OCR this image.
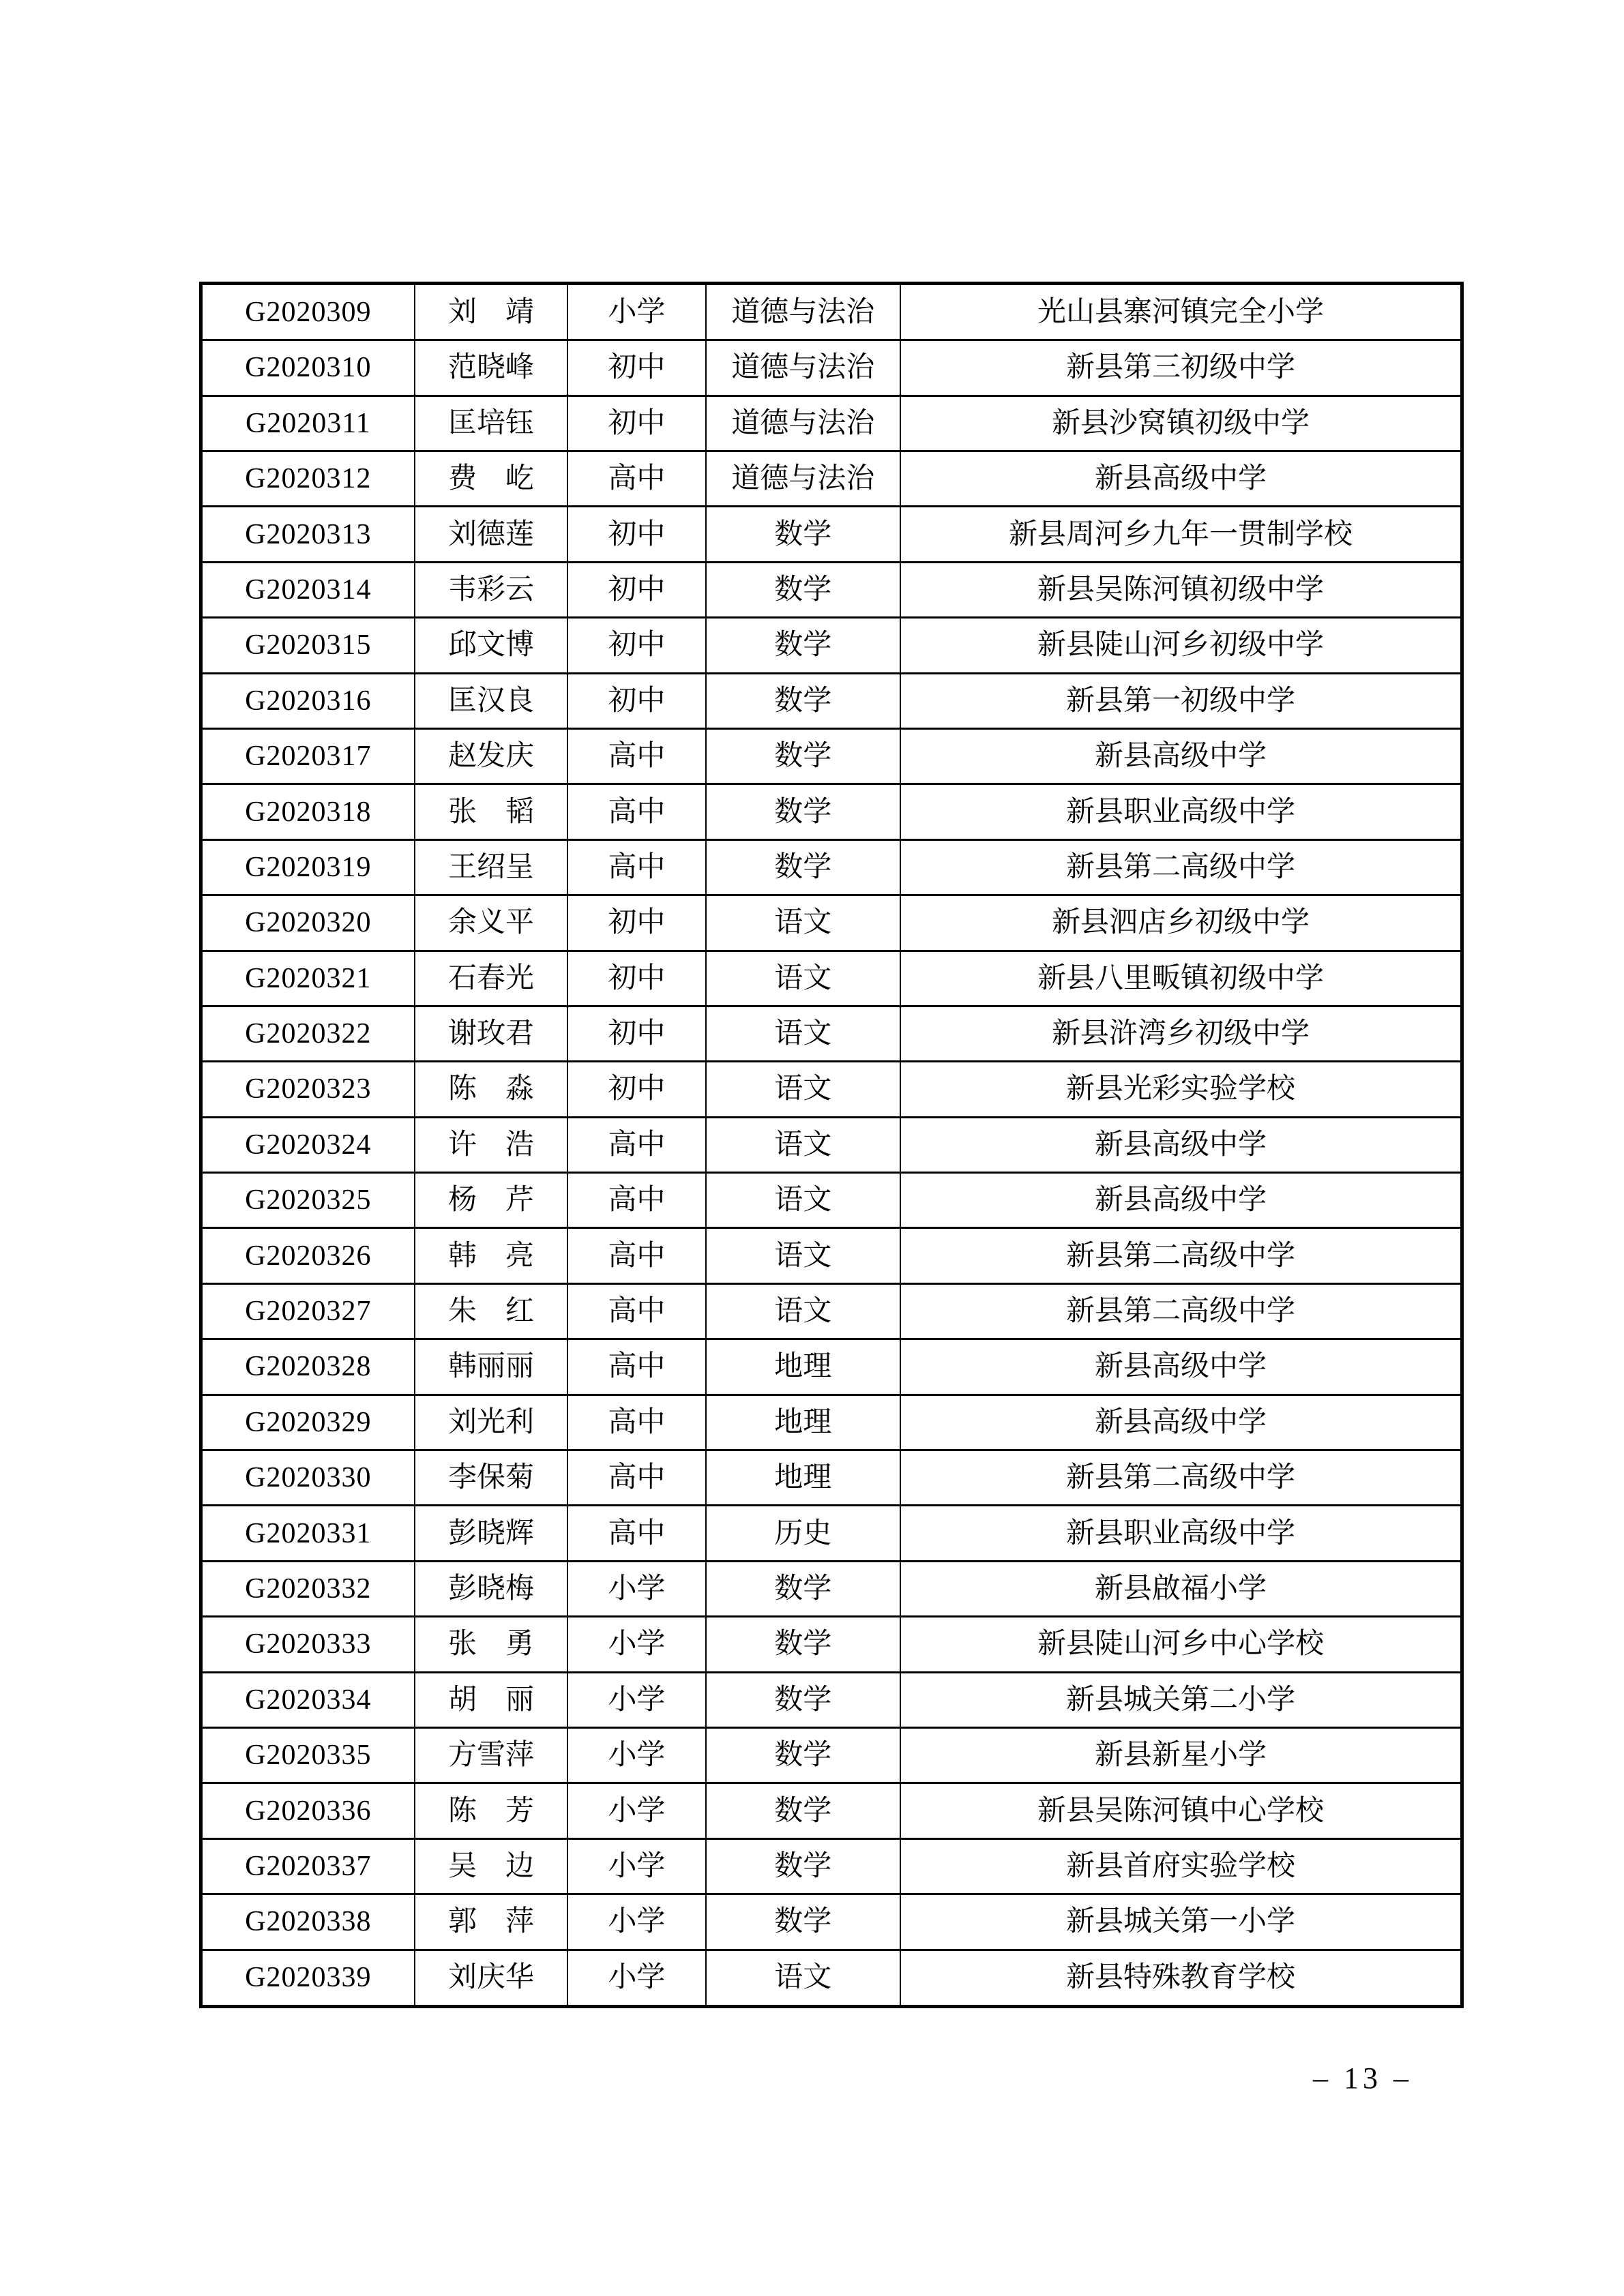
G2020309	刘　靖	小学	道德与法治	光山县寨河镇完全小学
G2020310	范晓峰	初中	道德与法治	新县第三初级中学
G2020311	匡培钰	初中	道德与法治	新县沙窝镇初级中学
G2020312	费　屹	高中	道德与法治	新县高级中学
G2020313	刘德莲	初中	数学	新县周河乡九年一贯制学校
G2020314	韦彩云	初中	数学	新县吴陈河镇初级中学
G2020315	邱文博	初中	数学	新县陡山河乡初级中学
G2020316	匡汉良	初中	数学	新县第一初级中学
G2020317	赵发庆	高中	数学	新县高级中学
G2020318	张　韬	高中	数学	新县职业高级中学
G2020319	王绍呈	高中	数学	新县第二高级中学
G2020320	余义平	初中	语文	新县泗店乡初级中学
G2020321	石春光	初中	语文	新县八里畈镇初级中学
G2020322	谢玫君	初中	语文	新县浒湾乡初级中学
G2020323	陈　淼	初中	语文	新县光彩实验学校
G2020324	许　浩	高中	语文	新县高级中学
G2020325	杨　芹	高中	语文	新县高级中学
G2020326	韩　亮	高中	语文	新县第二高级中学
G2020327	朱　红	高中	语文	新县第二高级中学
G2020328	韩丽丽	高中	地理	新县高级中学
G2020329	刘光利	高中	地理	新县高级中学
G2020330	李保菊	高中	地理	新县第二高级中学
G2020331	彭晓辉	高中	历史	新县职业高级中学
G2020332	彭晓梅	小学	数学	新县啟福小学
G2020333	张　勇	小学	数学	新县陡山河乡中心学校
G2020334	胡　丽	小学	数学	新县城关第二小学
G2020335	方雪萍	小学	数学	新县新星小学
G2020336	陈　芳	小学	数学	新县吴陈河镇中心学校
G2020337	吴　边	小学	数学	新县首府实验学校
G2020338	郭　萍	小学	数学	新县城关第一小学
G2020339	刘庆华	小学	语文	新县特殊教育学校
– 13 –
